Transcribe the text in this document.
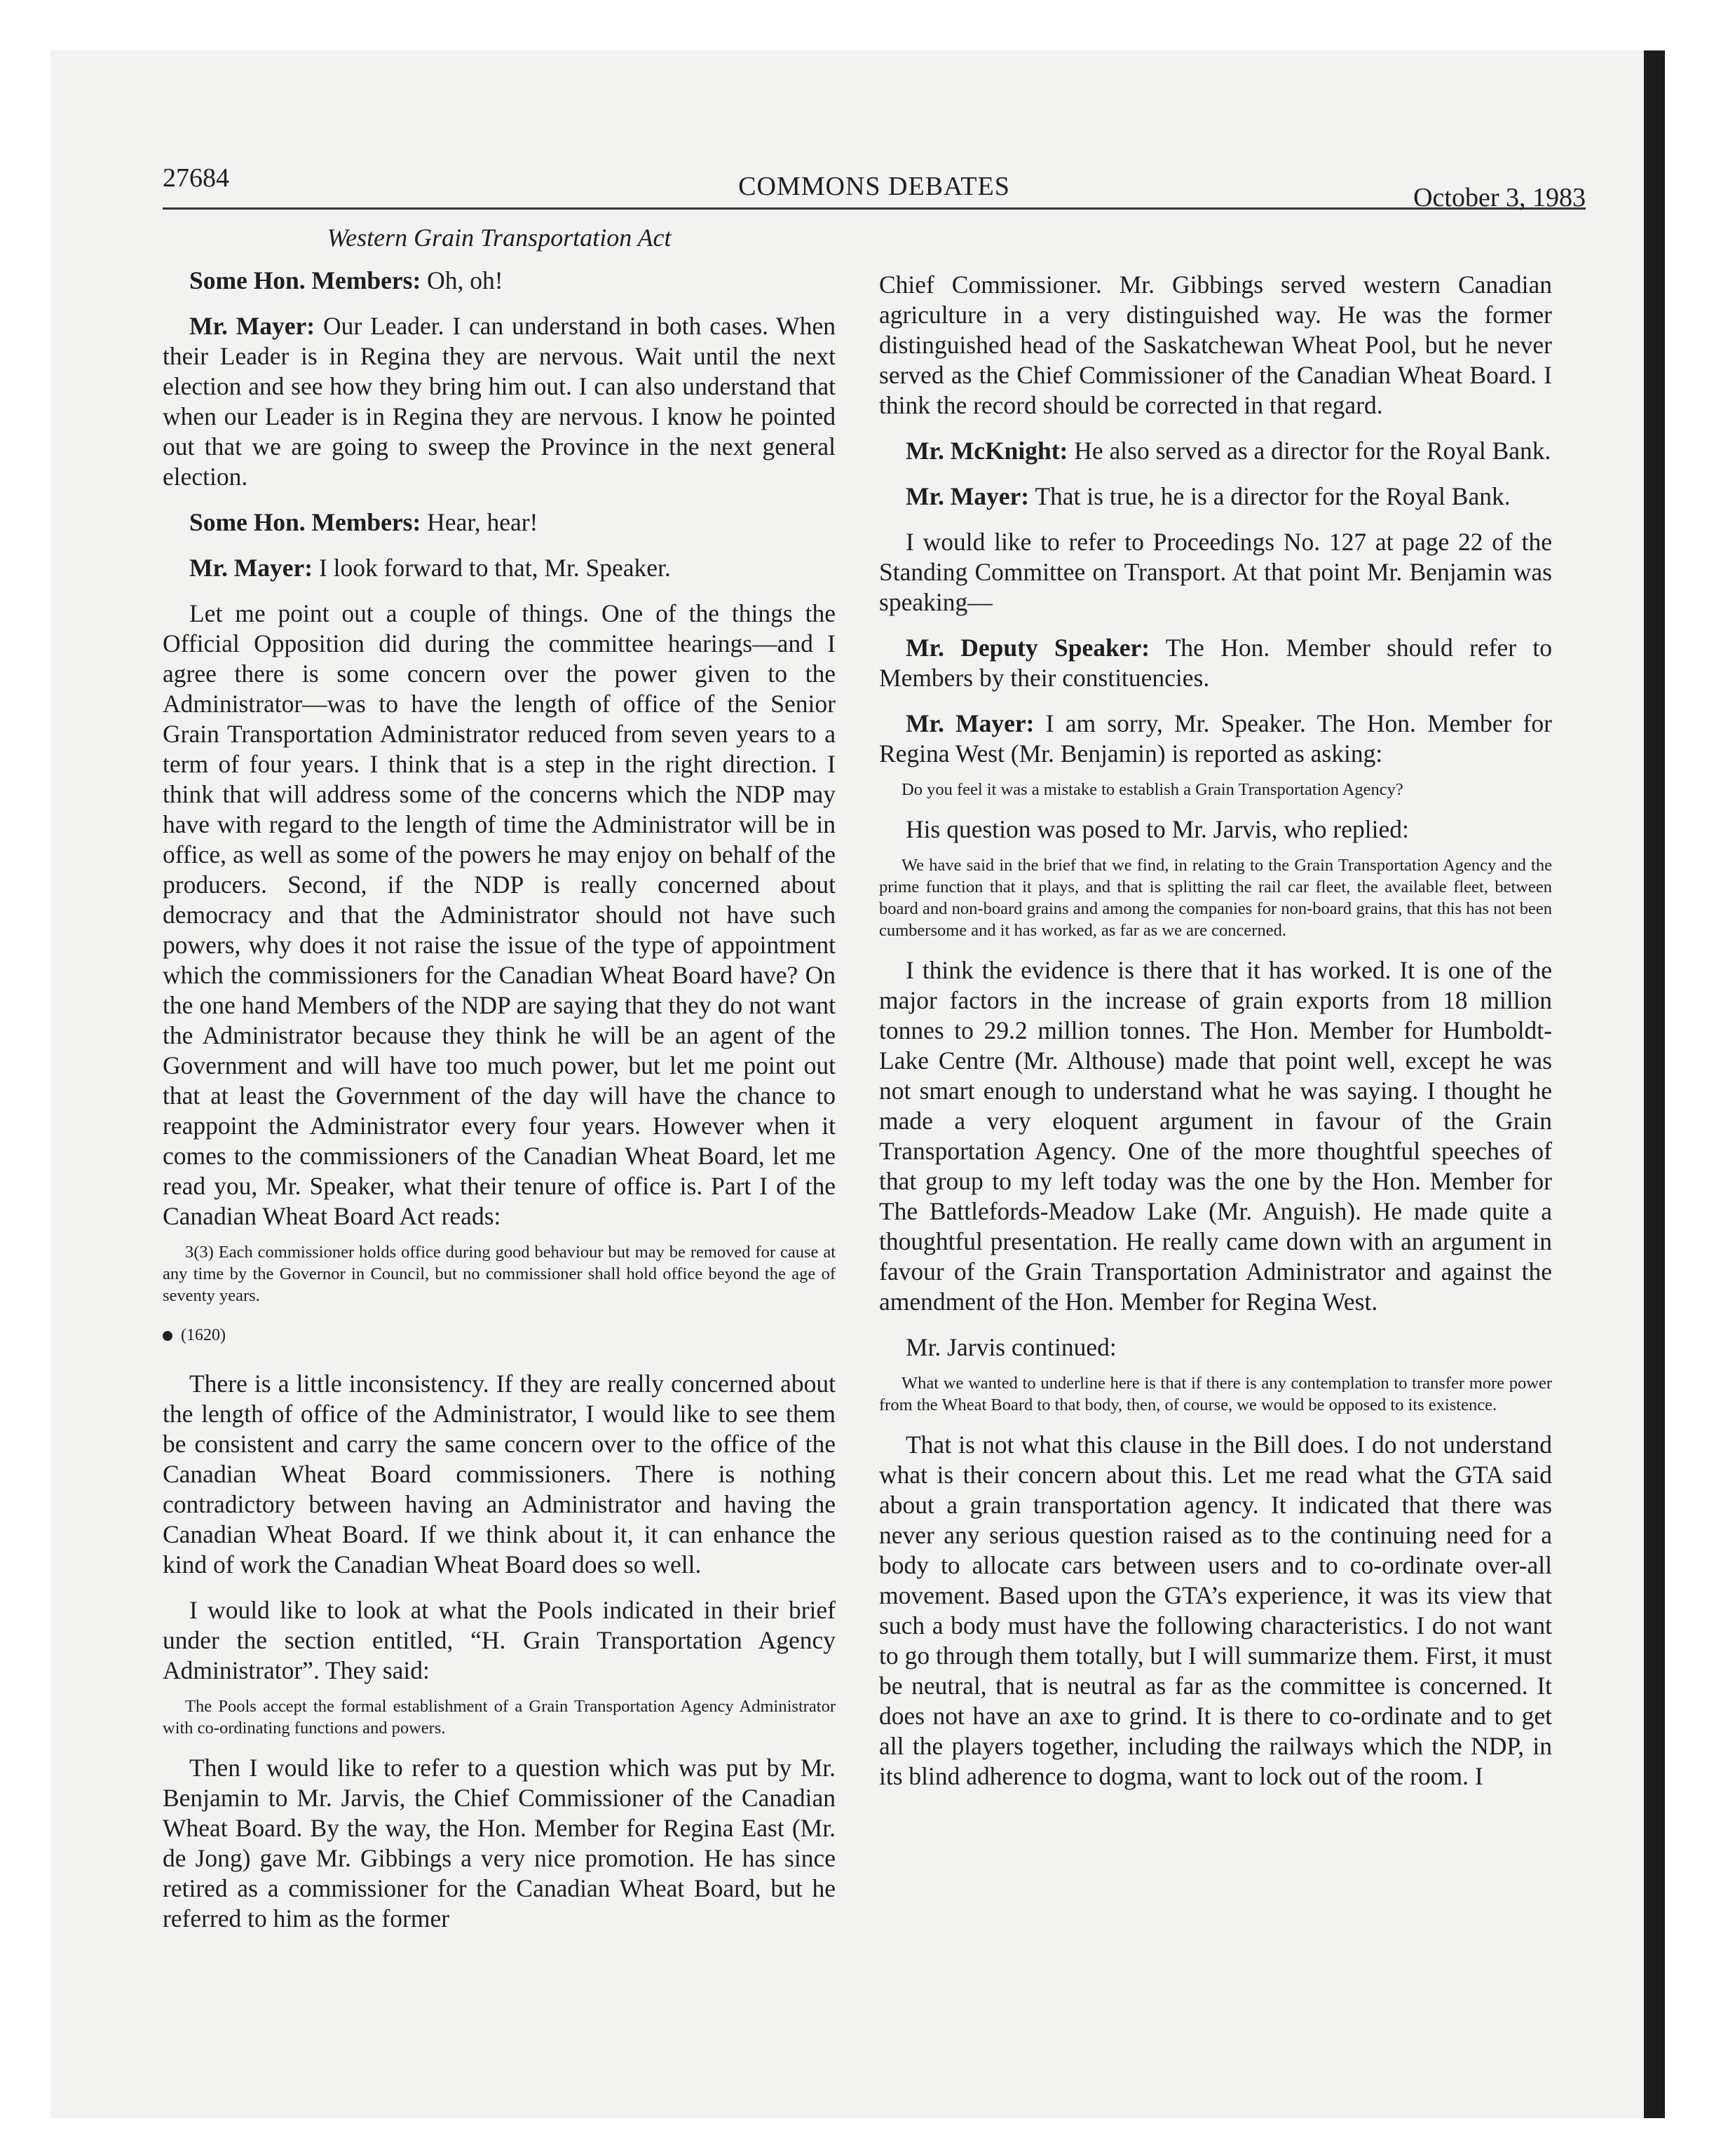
27684	COMMONS DEBATES	October 3, 1983
Western Grain Transportation Act

Some Hon. Members: Oh, oh!

Mr. Mayer: Our Leader. I can understand in both cases. When their Leader is in Regina they are nervous. Wait until the next election and see how they bring him out. I can also understand that when our Leader is in Regina they are nervous. I know he pointed out that we are going to sweep the Province in the next general election.

Some Hon. Members: Hear, hear!

Mr. Mayer: I look forward to that, Mr. Speaker.

Let me point out a couple of things. One of the things the Official Opposition did during the committee hearings—and I agree there is some concern over the power given to the Administrator—was to have the length of office of the Senior Grain Transportation Administrator reduced from seven years to a term of four years. I think that is a step in the right direction. I think that will address some of the concerns which the NDP may have with regard to the length of time the Administrator will be in office, as well as some of the powers he may enjoy on behalf of the producers. Second, if the NDP is really concerned about democracy and that the Administrator should not have such powers, why does it not raise the issue of the type of appointment which the commissioners for the Canadian Wheat Board have? On the one hand Members of the NDP are saying that they do not want the Administrator because they think he will be an agent of the Government and will have too much power, but let me point out that at least the Government of the day will have the chance to reappoint the Administrator every four years. However when it comes to the commissioners of the Canadian Wheat Board, let me read you, Mr. Speaker, what their tenure of office is. Part I of the Canadian Wheat Board Act reads:

3(3) Each commissioner holds office during good behaviour but may be removed for cause at any time by the Governor in Council, but no commissioner shall hold office beyond the age of seventy years.
(1620)

There is a little inconsistency. If they are really concerned about the length of office of the Administrator, I would like to see them be consistent and carry the same concern over to the office of the Canadian Wheat Board commissioners. There is nothing contradictory between having an Administrator and having the Canadian Wheat Board. If we think about it, it can enhance the kind of work the Canadian Wheat Board does so well.

I would like to look at what the Pools indicated in their brief under the section entitled, “H. Grain Transportation Agency Administrator”. They said:

The Pools accept the formal establishment of a Grain Transportation Agency Administrator with co-ordinating functions and powers.

Then I would like to refer to a question which was put by Mr. Benjamin to Mr. Jarvis, the Chief Commissioner of the Canadian Wheat Board. By the way, the Hon. Member for Regina East (Mr. de Jong) gave Mr. Gibbings a very nice promotion. He has since retired as a commissioner for the Canadian Wheat Board, but he referred to him as the former

Chief Commissioner. Mr. Gibbings served western Canadian agriculture in a very distinguished way. He was the former distinguished head of the Saskatchewan Wheat Pool, but he never served as the Chief Commissioner of the Canadian Wheat Board. I think the record should be corrected in that regard.

Mr. McKnight: He also served as a director for the Royal Bank.

Mr. Mayer: That is true, he is a director for the Royal Bank.

I would like to refer to Proceedings No. 127 at page 22 of the Standing Committee on Transport. At that point Mr. Benjamin was speaking—

Mr. Deputy Speaker: The Hon. Member should refer to Members by their constituencies.

Mr. Mayer: I am sorry, Mr. Speaker. The Hon. Member for Regina West (Mr. Benjamin) is reported as asking:

Do you feel it was a mistake to establish a Grain Transportation Agency?

His question was posed to Mr. Jarvis, who replied:

We have said in the brief that we find, in relating to the Grain Transportation Agency and the prime function that it plays, and that is splitting the rail car fleet, the available fleet, between board and non-board grains and among the companies for non-board grains, that this has not been cumbersome and it has worked, as far as we are concerned.

I think the evidence is there that it has worked. It is one of the major factors in the increase of grain exports from 18 million tonnes to 29.2 million tonnes. The Hon. Member for Humboldt-Lake Centre (Mr. Althouse) made that point well, except he was not smart enough to understand what he was saying. I thought he made a very eloquent argument in favour of the Grain Transportation Agency. One of the more thoughtful speeches of that group to my left today was the one by the Hon. Member for The Battlefords-Meadow Lake (Mr. Anguish). He made quite a thoughtful presentation. He really came down with an argument in favour of the Grain Transportation Administrator and against the amendment of the Hon. Member for Regina West.

Mr. Jarvis continued:

What we wanted to underline here is that if there is any contemplation to transfer more power from the Wheat Board to that body, then, of course, we would be opposed to its existence.

That is not what this clause in the Bill does. I do not understand what is their concern about this. Let me read what the GTA said about a grain transportation agency. It indicated that there was never any serious question raised as to the continuing need for a body to allocate cars between users and to co-ordinate over-all movement. Based upon the GTA’s experience, it was its view that such a body must have the following characteristics. I do not want to go through them totally, but I will summarize them. First, it must be neutral, that is neutral as far as the committee is concerned. It does not have an axe to grind. It is there to co-ordinate and to get all the players together, including the railways which the NDP, in its blind adherence to dogma, want to lock out of the room. I
